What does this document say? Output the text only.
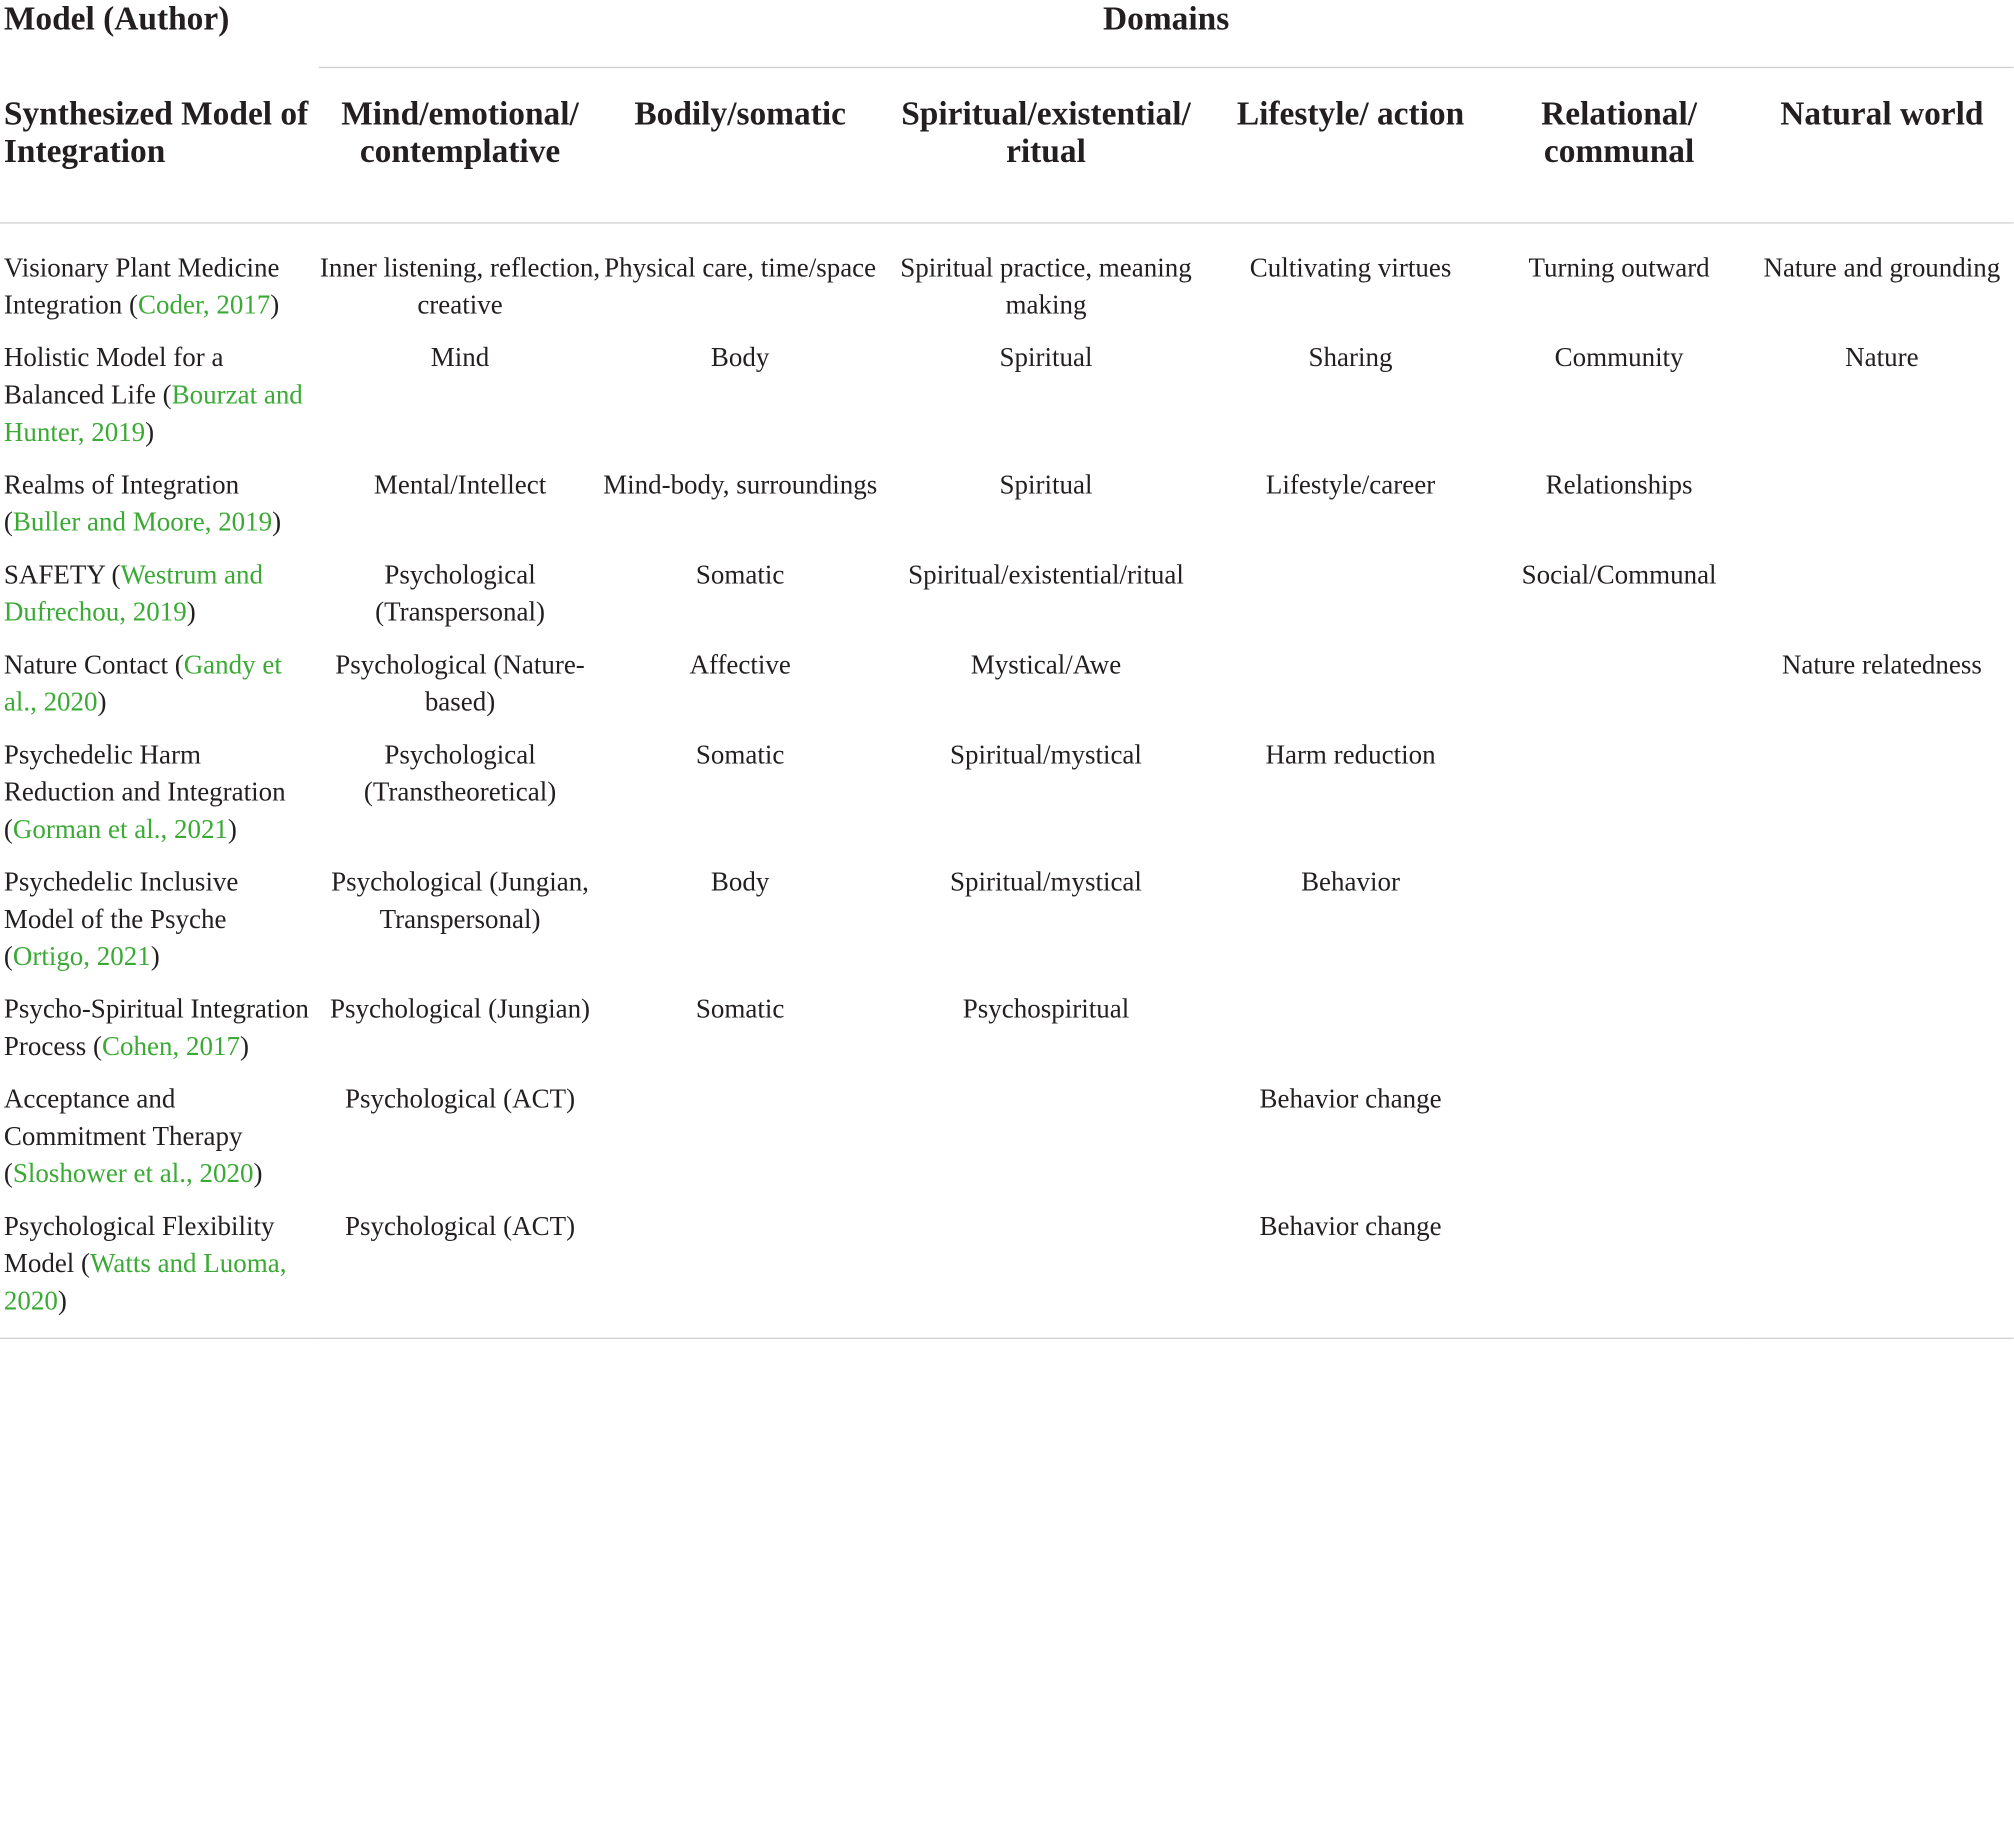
Model (Author)	Domains					
Synthesized Model of Integration	Mind/emotional/ contemplative	Bodily/somatic	Spiritual/existential/ ritual	Lifestyle/ action	Relational/ communal	Natural world
Visionary Plant Medicine Integration (Coder, 2017)	Inner listening, reflection, creative	Physical care, time/space	Spiritual practice, meaning making	Cultivating virtues	Turning outward	Nature and grounding
Holistic Model for a Balanced Life (Bourzat and Hunter, 2019)	Mind	Body	Spiritual	Sharing	Community	Nature
Realms of Integration (Buller and Moore, 2019)	Mental/Intellect	Mind-body, surroundings	Spiritual	Lifestyle/career	Relationships	
SAFETY (Westrum and Dufrechou, 2019)	Psychological (Transpersonal)	Somatic	Spiritual/existential/ritual		Social/Communal	
Nature Contact (Gandy et al., 2020)	Psychological (Nature-based)	Affective	Mystical/Awe			Nature relatedness
Psychedelic Harm Reduction and Integration (Gorman et al., 2021)	Psychological (Transtheoretical)	Somatic	Spiritual/mystical	Harm reduction		
Psychedelic Inclusive Model of the Psyche (Ortigo, 2021)	Psychological (Jungian, Transpersonal)	Body	Spiritual/mystical	Behavior		
Psycho-Spiritual Integration Process (Cohen, 2017)	Psychological (Jungian)	Somatic	Psychospiritual			
Acceptance and Commitment Therapy (Sloshower et al., 2020)	Psychological (ACT)			Behavior change		
Psychological Flexibility Model (Watts and Luoma, 2020)	Psychological (ACT)			Behavior change		
